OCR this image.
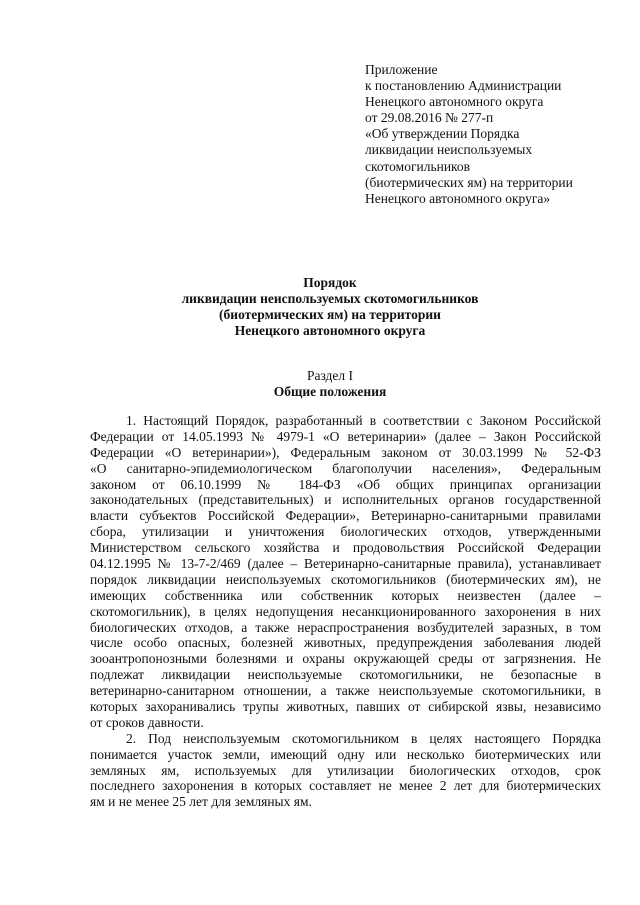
Приложение
к постановлению Администрации
Ненецкого автономного округа
от 29.08.2016 № 277-п
«Об утверждении Порядка
ликвидации неиспользуемых
скотомогильников
(биотермических ям) на территории
Ненецкого автономного округа»
Порядок
ликвидации неиспользуемых скотомогильников
(биотермических ям) на территории
Ненецкого автономного округа
Раздел I
Общие положения
1. Настоящий Порядок, разработанный в соответствии с Законом Российской
Федерации от 14.05.1993 № 4979-1 «О ветеринарии» (далее – Закон Российской
Федерации «О ветеринарии»), Федеральным законом от 30.03.1999 № 52-ФЗ
«О санитарно-эпидемиологическом благополучии населения», Федеральным
законом от 06.10.1999 № 184-ФЗ «Об общих принципах организации
законодательных (представительных) и исполнительных органов государственной
власти субъектов Российской Федерации», Ветеринарно-санитарными правилами
сбора, утилизации и уничтожения биологических отходов, утвержденными
Министерством сельского хозяйства и продовольствия Российской Федерации
04.12.1995 № 13-7-2/469 (далее – Ветеринарно-санитарные правила), устанавливает
порядок ликвидации неиспользуемых скотомогильников (биотермических ям), не
имеющих собственника или собственник которых неизвестен (далее –
скотомогильник), в целях недопущения несанкционированного захоронения в них
биологических отходов, а также нераспространения возбудителей заразных, в том
числе особо опасных, болезней животных, предупреждения заболевания людей
зооантропонозными болезнями и охраны окружающей среды от загрязнения. Не
подлежат ликвидации неиспользуемые скотомогильники, не безопасные в
ветеринарно-санитарном отношении, а также неиспользуемые скотомогильники, в
которых захоранивались трупы животных, павших от сибирской язвы, независимо
от сроков давности.
2. Под неиспользуемым скотомогильником в целях настоящего Порядка
понимается участок земли, имеющий одну или несколько биотермических или
земляных ям, используемых для утилизации биологических отходов, срок
последнего захоронения в которых составляет не менее 2 лет для биотермических
ям и не менее 25 лет для земляных ям.
